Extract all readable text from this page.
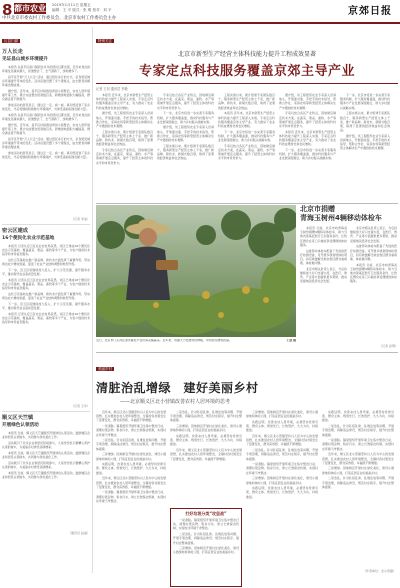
8 都市农业 2019年1月11日 星期五
编辑：王 平 版式：张 明 校对：刘 平	京郊日报
中共北京市委农村工作委员会、北京市农村工作委员会主办
区县扫描
万人长走
见证昌山城乡环境提升

本报讯 在昌平区南口镇居住多年的居民们都发现，近年来身边的环境变化越来越大，街道整洁了，空气清新了，绿地增多了。

昌平区开展“万人长走”活动，通过居民步行的方式，亲身感受城乡环境提升带来的变化。活动沿途设置了多个观察点，由志愿者讲解环境治理成效。

据介绍，近年来，昌平区持续推进背街小巷整治、农村人居环境提升等工作，累计完成整治街巷数百条，新增绿地面积大幅提高，群众满意度不断提升。

参加活动的居民表示，通过走一走、看一看，真切感受到了家乡的变化，今后将继续积极参与环境保护，为建设美丽家园贡献力量。

本报讯 在昌平区南口镇居住多年的居民们都发现，近年来身边的环境变化越来越大，街道整洁了，空气清新了，绿地增多了。

据介绍，近年来，昌平区持续推进背街小巷整治、农村人居环境提升等工作，累计完成整治街巷数百条，新增绿地面积大幅提高，群众满意度不断提升。

昌平区开展“万人长走”活动，通过居民步行的方式，亲身感受城乡环境提升带来的变化。活动沿途设置了多个观察点，由志愿者讲解环境治理成效。

参加活动的居民表示，通过走一走、看一看，真切感受到了家乡的变化，今后将继续积极参与环境保护，为建设美丽家园贡献力量。

（记者 李成）
密云区建成
16个便民化农业示范基地

本报讯 记者从密云区农业农村局获悉，该区已建成16个便民化农业示范基地，覆盖蔬菜、果品、畜牧等多个产业，为农户提供技术指导和市场信息服务。

这些示范基地在推广新品种、新技术方面发挥了重要作用，带动周边农户增收致富，促进了农业产业结构调整和转型升级。

下一步，密云区将继续加大投入，扩大示范范围，提升服务水平，推动现代农业高质量发展。

本报讯 记者从密云区农业农村局获悉，该区已建成16个便民化农业示范基地，覆盖蔬菜、果品、畜牧等多个产业，为农户提供技术指导和市场信息服务。

这些示范基地在推广新品种、新技术方面发挥了重要作用，带动周边农户增收致富，促进了农业产业结构调整和转型升级。

下一步，密云区将继续加大投入，扩大示范范围，提升服务水平，推动现代农业高质量发展。

本报讯 记者从密云区农业农村局获悉，该区已建成16个便民化农业示范基地，覆盖蔬菜、果品、畜牧等多个产业，为农户提供技术指导和市场信息服务。

（记者 王华）
顺义区天竺镇
开展绿色认领活动

本报讯 日前，顺义区天竺镇组织开展绿色认领活动，鼓励辖区企业和居民认领树木，共同参与绿化美化工作。

活动吸引了众多企业和居民积极参与，大家纷纷表示要精心养护认领的树木，为美丽乡村建设添绿增彩。

本报讯 日前，顺义区天竺镇组织开展绿色认领活动，鼓励辖区企业和居民认领树木，共同参与绿化美化工作。

活动吸引了众多企业和居民积极参与，大家纷纷表示要精心养护认领的树木，为美丽乡村建设添绿增彩。

本报讯 日前，顺义区天竺镇组织开展绿色认领活动，鼓励辖区企业和居民认领树木，共同参与绿化美化工作。

（通讯员 赵丽）
特别关注
北京市新型生产经营主体科技能力提升工程成效显著
专家定点科技服务覆盖京郊主导产业
记者 王钊 通讯员 李艳

本报讯 近年来，北京市新型生产经营主体科技能力提升工程深入实施，专家定点科技服务覆盖京郊主导产业，有力推动了农业科技成果转化和农民增收。

据介绍，该工程组织农业专家深入田间地头，开展面对面、手把手的技术指导，帮助合作社、家庭农场等新型经营主体解决生产中遇到的技术难题。

工程实施以来，累计组建专家团队数百个，服务新型生产经营主体上千家，推广新品种、新技术、新模式数百项，取得了显著的经济效益和社会效益。

专家们结合各区产业特点，因地制宜制定技术方案，在蔬菜、果品、畜牧、水产等领域开展定点服务，提升了经营主体的科技水平和市场竞争力。

专家们结合各区产业特点，因地制宜制定技术方案，在蔬菜、果品、畜牧、水产等领域开展定点服务，提升了经营主体的科技水平和市场竞争力。

下一步，北京市将进一步完善专家服务机制，扩大服务覆盖面，推动科技服务与产业发展深度融合，助力乡村振兴战略实施。

据介绍，该工程组织农业专家深入田间地头，开展面对面、手把手的技术指导，帮助合作社、家庭农场等新型经营主体解决生产中遇到的技术难题。

工程实施以来，累计组建专家团队数百个，服务新型生产经营主体上千家，推广新品种、新技术、新模式数百项，取得了显著的经济效益和社会效益。

工程实施以来，累计组建专家团队数百个，服务新型生产经营主体上千家，推广新品种、新技术、新模式数百项，取得了显著的经济效益和社会效益。

本报讯 近年来，北京市新型生产经营主体科技能力提升工程深入实施，专家定点科技服务覆盖京郊主导产业，有力推动了农业科技成果转化和农民增收。

下一步，北京市将进一步完善专家服务机制，扩大服务覆盖面，推动科技服务与产业发展深度融合，助力乡村振兴战略实施。

专家们结合各区产业特点，因地制宜制定技术方案，在蔬菜、果品、畜牧、水产等领域开展定点服务，提升了经营主体的科技水平和市场竞争力。

据介绍，该工程组织农业专家深入田间地头，开展面对面、手把手的技术指导，帮助合作社、家庭农场等新型经营主体解决生产中遇到的技术难题。

专家们结合各区产业特点，因地制宜制定技术方案，在蔬菜、果品、畜牧、水产等领域开展定点服务，提升了经营主体的科技水平和市场竞争力。

本报讯 近年来，北京市新型生产经营主体科技能力提升工程深入实施，专家定点科技服务覆盖京郊主导产业，有力推动了农业科技成果转化和农民增收。

下一步，北京市将进一步完善专家服务机制，扩大服务覆盖面，推动科技服务与产业发展深度融合，助力乡村振兴战略实施。

下一步，北京市将进一步完善专家服务机制，扩大服务覆盖面，推动科技服务与产业发展深度融合，助力乡村振兴战略实施。

工程实施以来，累计组建专家团队数百个，服务新型生产经营主体上千家，推广新品种、新技术、新模式数百项，取得了显著的经济效益和社会效益。

据介绍，该工程组织农业专家深入田间地头，开展面对面、手把手的技术指导，帮助合作社、家庭农场等新型经营主体解决生产中遇到的技术难题。

近日，北京市门头沟区清水镇农户在田间采摘蔬菜。近年来，该镇大力发展特色种植，带动农民增收致富。	王建 摄
北京市捐赠
青海玉树州4辆移动体检车

本报讯 日前，北京市向青海省玉树州捐赠4辆移动体检车，助力当地改善基层医疗卫生服务条件，让牧区群众在家门口就能享受便捷的体检服务。

这批移动体检车配备了先进的医疗检测设备，可开展多项常规体检项目，将有效缓解当地农牧区群众看病难、体检难问题。

北京市相关负责人表示，今后将继续加大对口支援力度，在医疗、教育、产业等方面提供更多帮助，推动受援地区经济社会发展。

北京市相关负责人表示，今后将继续加大对口支援力度，在医疗、教育、产业等方面提供更多帮助，推动受援地区经济社会发展。

这批移动体检车配备了先进的医疗检测设备，可开展多项常规体检项目，将有效缓解当地农牧区群众看病难、体检难问题。

本报讯 日前，北京市向青海省玉树州捐赠4辆移动体检车，助力当地改善基层医疗卫生服务条件，让牧区群众在家门口就能享受便捷的体检服务。

（记者 孙明）
美丽乡村
清脏治乱增绿　建好美丽乡村
——北京顺义区北小营镇改善农村人居环境的思考

近年来，顺义区北小营镇坚持以人民为中心的发展思想，扎实推进农村人居环境整治，全镇村容村貌发生了显著变化，群众获得感、幸福感不断增强。

一是清脏。镇里组织开展环境卫生集中整治行动，清理垃圾杂物、积存污水，建立长效保洁机制，实现村庄环境干净整洁。

二是治乱。针对私搭乱建、乱堆乱放等问题，开展专项治理，拆除违法建设，规范村庄秩序，提升村庄整体面貌。

三是增绿。因地制宜开展村庄绿化美化，建设小微绿地和休闲公园，打造宜居宜业的美丽乡村。

实践证明，改善农村人居环境，必须坚持党建引领、群众主体、规划先行、长效管护，久久为功，持续推进。

近年来，顺义区北小营镇坚持以人民为中心的发展思想，扎实推进农村人居环境整治，全镇村容村貌发生了显著变化，群众获得感、幸福感不断增强。

一是清脏。镇里组织开展环境卫生集中整治行动，清理垃圾杂物、积存污水，建立长效保洁机制，实现村庄环境干净整洁。

二是治乱。针对私搭乱建、乱堆乱放等问题，开展专项治理，拆除违法建设，规范村庄秩序，提升村庄整体面貌。

三是增绿。因地制宜开展村庄绿化美化，建设小微绿地和休闲公园，打造宜居宜业的美丽乡村。

实践证明，改善农村人居环境，必须坚持党建引领、群众主体、规划先行、长效管护，久久为功，持续推进。

近年来，顺义区北小营镇坚持以人民为中心的发展思想，扎实推进农村人居环境整治，全镇村容村貌发生了显著变化，群众获得感、幸福感不断增强。

打好垃圾分类“攻坚战”

一是清脏。镇里组织开展环境卫生集中整治行动，清理垃圾杂物、积存污水，建立长效保洁机制，实现村庄环境干净整洁。

二是治乱。针对私搭乱建、乱堆乱放等问题，开展专项治理，拆除违法建设，规范村庄秩序，提升村庄整体面貌。

三是增绿。因地制宜开展村庄绿化美化，建设小微绿地和休闲公园，打造宜居宜业的美丽乡村。

三是增绿。因地制宜开展村庄绿化美化，建设小微绿地和休闲公园，打造宜居宜业的美丽乡村。

实践证明，改善农村人居环境，必须坚持党建引领、群众主体、规划先行、长效管护，久久为功，持续推进。

近年来，顺义区北小营镇坚持以人民为中心的发展思想，扎实推进农村人居环境整治，全镇村容村貌发生了显著变化，群众获得感、幸福感不断增强。

二是治乱。针对私搭乱建、乱堆乱放等问题，开展专项治理，拆除违法建设，规范村庄秩序，提升村庄整体面貌。

一是清脏。镇里组织开展环境卫生集中整治行动，清理垃圾杂物、积存污水，建立长效保洁机制，实现村庄环境干净整洁。

三是增绿。因地制宜开展村庄绿化美化，建设小微绿地和休闲公园，打造宜居宜业的美丽乡村。

实践证明，改善农村人居环境，必须坚持党建引领、群众主体、规划先行、长效管护，久久为功，持续推进。

实践证明，改善农村人居环境，必须坚持党建引领、群众主体、规划先行、长效管护，久久为功，持续推进。

二是治乱。针对私搭乱建、乱堆乱放等问题，开展专项治理，拆除违法建设，规范村庄秩序，提升村庄整体面貌。

一是清脏。镇里组织开展环境卫生集中整治行动，清理垃圾杂物、积存污水，建立长效保洁机制，实现村庄环境干净整洁。

近年来，顺义区北小营镇坚持以人民为中心的发展思想，扎实推进农村人居环境整治，全镇村容村貌发生了显著变化，群众获得感、幸福感不断增强。

三是增绿。因地制宜开展村庄绿化美化，建设小微绿地和休闲公园，打造宜居宜业的美丽乡村。

二是治乱。针对私搭乱建、乱堆乱放等问题，开展专项治理，拆除违法建设，规范村庄秩序，提升村庄整体面貌。

（作者单位：北小营镇）
